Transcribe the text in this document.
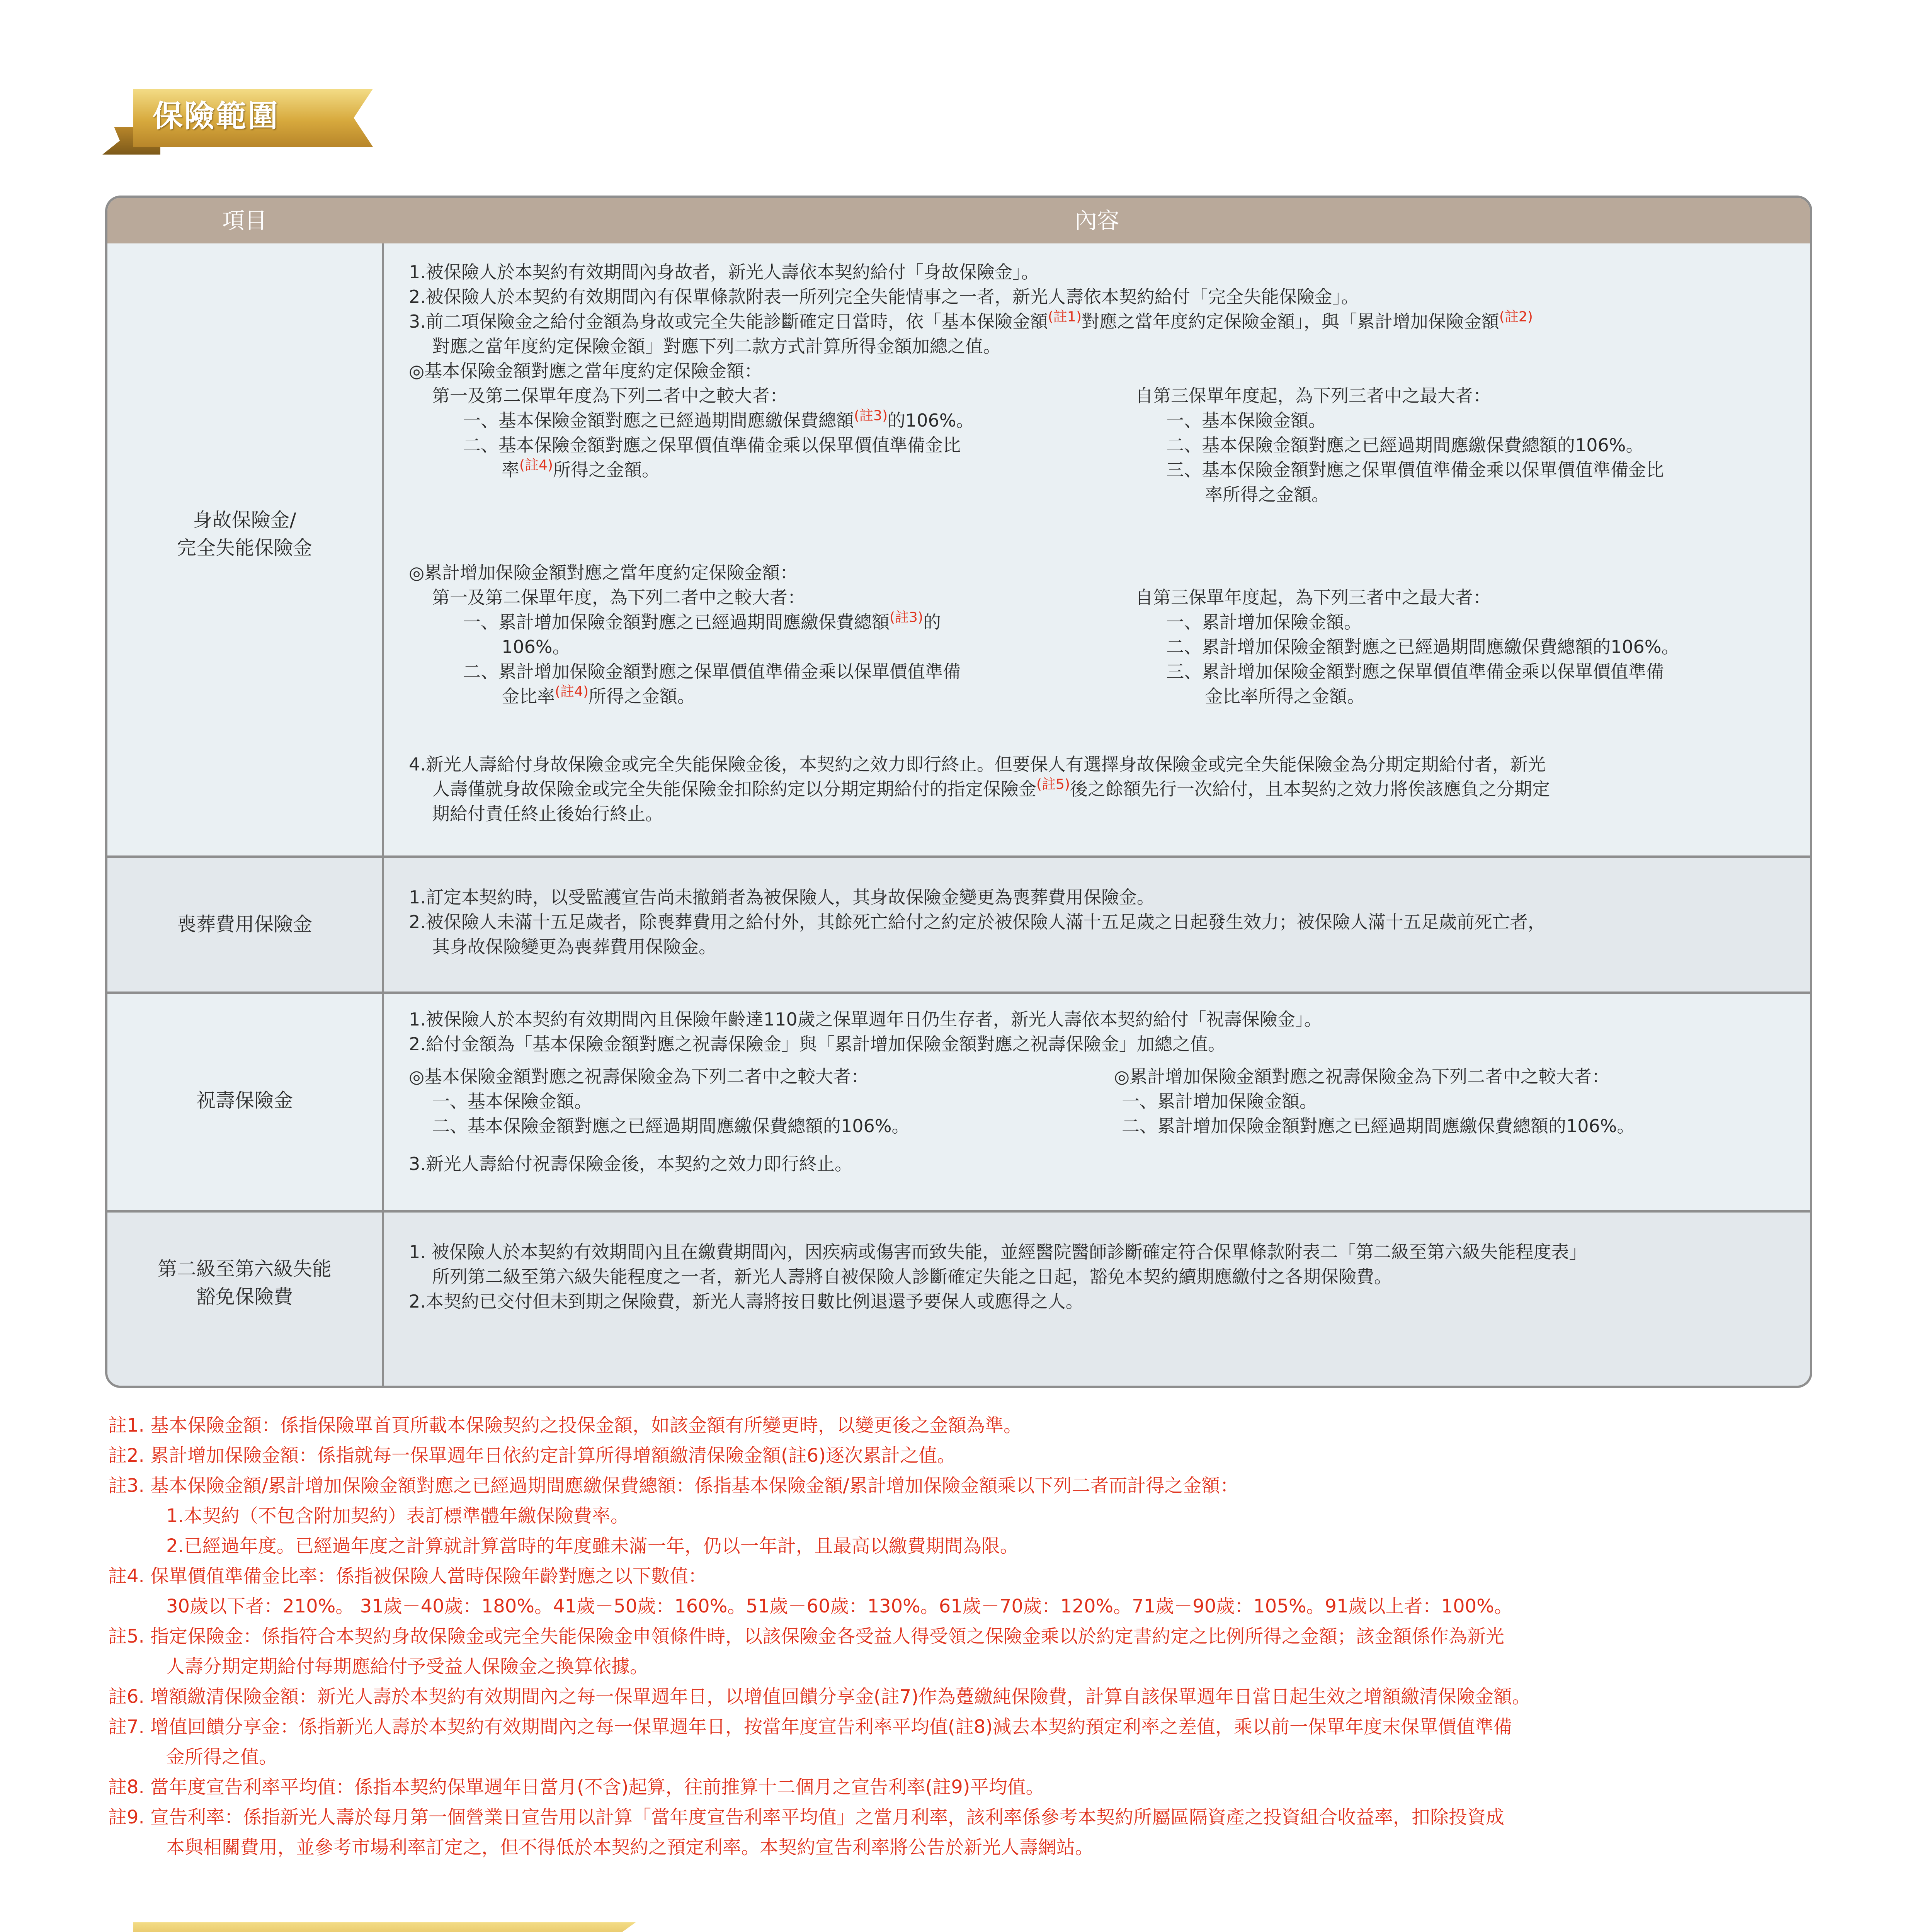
保險範圍
項目	內容
身故保險金/
完全失能保險金
1.被保險人於本契約有效期間內身故者，新光人壽依本契約給付「身故保險金」。
2.被保險人於本契約有效期間內有保單條款附表一所列完全失能情事之一者，新光人壽依本契約給付「完全失能保險金」。
3.前二項保險金之給付金額為身故或完全失能診斷確定日當時，依「基本保險金額$^{(註1)}$對應之當年度約定保險金額」，與「累計增加保險金額$^{(註2)}$
對應之當年度約定保險金額」對應下列二款方式計算所得金額加總之值。
◎基本保險金額對應之當年度約定保險金額：
第一及第二保單年度為下列二者中之較大者：
一、基本保險金額對應之已經過期間應繳保費總額$^{(註3)}$的106%。
二、基本保險金額對應之保單價值準備金乘以保單價值準備金比
率$^{(註4)}$所得之金額。
自第三保單年度起，為下列三者中之最大者：
一、基本保險金額。
二、基本保險金額對應之已經過期間應繳保費總額的106%。
三、基本保險金額對應之保單價值準備金乘以保單價值準備金比
率所得之金額。
◎累計增加保險金額對應之當年度約定保險金額：
第一及第二保單年度，為下列二者中之較大者：
一、累計增加保險金額對應之已經過期間應繳保費總額$^{(註3)}$的
106%。
二、累計增加保險金額對應之保單價值準備金乘以保單價值準備
金比率$^{(註4)}$所得之金額。
自第三保單年度起，為下列三者中之最大者：
一、累計增加保險金額。
二、累計增加保險金額對應之已經過期間應繳保費總額的106%。
三、累計增加保險金額對應之保單價值準備金乘以保單價值準備
金比率所得之金額。
4.新光人壽給付身故保險金或完全失能保險金後，本契約之效力即行終止。但要保人有選擇身故保險金或完全失能保險金為分期定期給付者，新光
人壽僅就身故保險金或完全失能保險金扣除約定以分期定期給付的指定保險金$^{(註5)}$後之餘額先行一次給付，且本契約之效力將俟該應負之分期定
期給付責任終止後始行終止。
喪葬費用保險金
1.訂定本契約時，以受監護宣告尚未撤銷者為被保險人，其身故保險金變更為喪葬費用保險金。
2.被保險人未滿十五足歲者，除喪葬費用之給付外，其餘死亡給付之約定於被保險人滿十五足歲之日起發生效力；被保險人滿十五足歲前死亡者，
其身故保險變更為喪葬費用保險金。
祝壽保險金
1.被保險人於本契約有效期間內且保險年齡達110歲之保單週年日仍生存者，新光人壽依本契約給付「祝壽保險金」。
2.給付金額為「基本保險金額對應之祝壽保險金」與「累計增加保險金額對應之祝壽保險金」加總之值。
◎基本保險金額對應之祝壽保險金為下列二者中之較大者：
一、基本保險金額。
二、基本保險金額對應之已經過期間應繳保費總額的106%。
◎累計增加保險金額對應之祝壽保險金為下列二者中之較大者：
一、累計增加保險金額。
二、累計增加保險金額對應之已經過期間應繳保費總額的106%。
3.新光人壽給付祝壽保險金後，本契約之效力即行終止。
第二級至第六級失能
豁免保險費
1. 被保險人於本契約有效期間內且在繳費期間內，因疾病或傷害而致失能，並經醫院醫師診斷確定符合保單條款附表二「第二級至第六級失能程度表」
所列第二級至第六級失能程度之一者，新光人壽將自被保險人診斷確定失能之日起，豁免本契約續期應繳付之各期保險費。
2.本契約已交付但未到期之保險費，新光人壽將按日數比例退還予要保人或應得之人。
註1. 基本保險金額：係指保險單首頁所載本保險契約之投保金額，如該金額有所變更時，以變更後之金額為準。
註2. 累計增加保險金額：係指就每一保單週年日依約定計算所得增額繳清保險金額(註6)逐次累計之值。
註3. 基本保險金額/累計增加保險金額對應之已經過期間應繳保費總額：係指基本保險金額/累計增加保險金額乘以下列二者而計得之金額：
1.本契約（不包含附加契約）表訂標準體年繳保險費率。
2.已經過年度。已經過年度之計算就計算當時的年度雖未滿一年，仍以一年計，且最高以繳費期間為限。
註4. 保單價值準備金比率：係指被保險人當時保險年齡對應之以下數值：
30歲以下者：210%。 31歲－40歲：180%。41歲－50歲：160%。51歲－60歲：130%。61歲－70歲：120%。71歲－90歲：105%。91歲以上者：100%。
註5. 指定保險金：係指符合本契約身故保險金或完全失能保險金申領條件時，以該保險金各受益人得受領之保險金乘以於約定書約定之比例所得之金額；該金額係作為新光
人壽分期定期給付每期應給付予受益人保險金之換算依據。
註6. 增額繳清保險金額：新光人壽於本契約有效期間內之每一保單週年日，以增值回饋分享金(註7)作為躉繳純保險費，計算自該保單週年日當日起生效之增額繳清保險金額。
註7. 增值回饋分享金：係指新光人壽於本契約有效期間內之每一保單週年日，按當年度宣告利率平均值(註8)減去本契約預定利率之差值，乘以前一保單年度末保單價值準備
金所得之值。
註8. 當年度宣告利率平均值：係指本契約保單週年日當月(不含)起算，往前推算十二個月之宣告利率(註9)平均值。
註9. 宣告利率：係指新光人壽於每月第一個營業日宣告用以計算「當年度宣告利率平均值」之當月利率，該利率係參考本契約所屬區隔資產之投資組合收益率，扣除投資成
本與相關費用，並參考市場利率訂定之，但不得低於本契約之預定利率。本契約宣告利率將公告於新光人壽網站。
